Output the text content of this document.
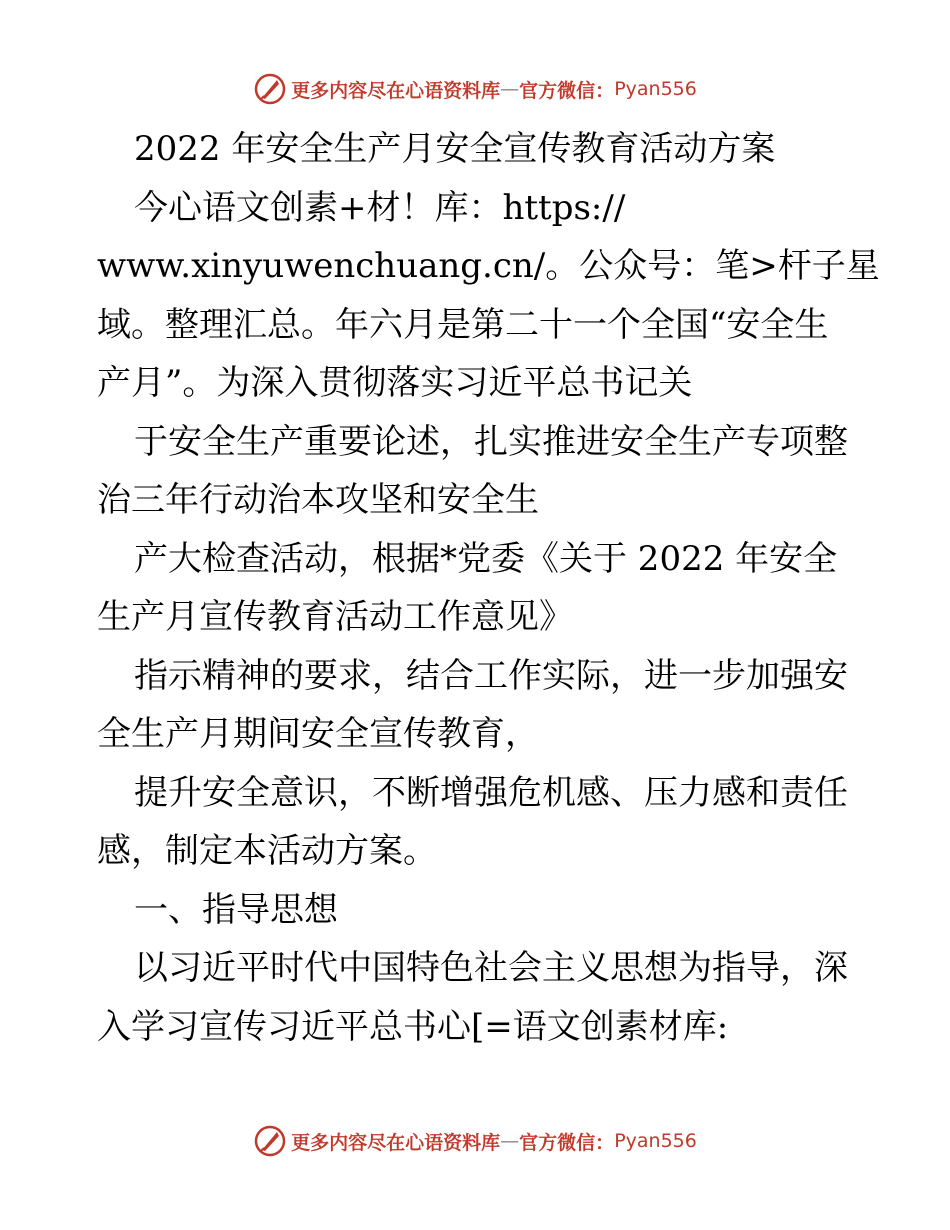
更多内容尽在心语资料库 — 官方微信： Pyan556
2022 年安全生产月安全宣传教育活动方案
今心语文创素+材！库：https://
www.xinyuwenchuang.cn/。公众号：笔>杆子星
域。整理汇总。年六月是第二十一个全国“安全生
产月”。为深入贯彻落实习近平总书记关
于安全生产重要论述，扎实推进安全生产专项整
治三年行动治本攻坚和安全生
产大检查活动，根据*党委《关于 2022 年安全
生产月宣传教育活动工作意见》
指示精神的要求，结合工作实际，进一步加强安
全生产月期间安全宣传教育，
提升安全意识，不断增强危机感、压力感和责任
感，制定本活动方案。
一、指导思想
以习近平时代中国特色社会主义思想为指导，深
入学习宣传习近平总书心[=语文创素材库:
更多内容尽在心语资料库 — 官方微信： Pyan556
